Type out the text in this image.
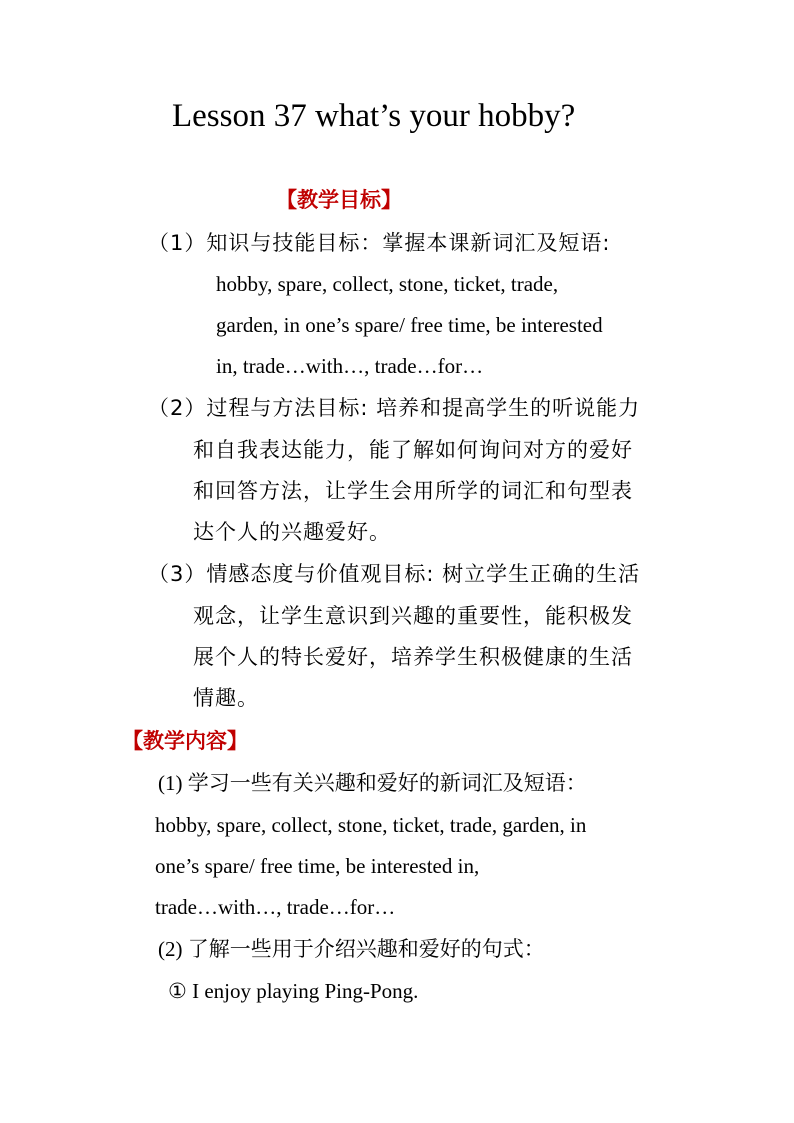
Lesson 37 what’s your hobby?
【教学目标】
（1）知识与技能目标：掌握本课新词汇及短语:
hobby, spare, collect, stone, ticket, trade,
garden, in one’s spare/ free time, be interested
in, trade…with…, trade…for…
（2）过程与方法目标: 培养和提高学生的听说能力
和自我表达能力，能了解如何询问对方的爱好
和回答方法，让学生会用所学的词汇和句型表
达个人的兴趣爱好。
（3）情感态度与价值观目标: 树立学生正确的生活
观念，让学生意识到兴趣的重要性，能积极发
展个人的特长爱好，培养学生积极健康的生活
情趣。
【教学内容】
(1) 学习一些有关兴趣和爱好的新词汇及短语：
hobby, spare, collect, stone, ticket, trade, garden, in
one’s spare/ free time, be interested in,
trade…with…, trade…for…
(2) 了解一些用于介绍兴趣和爱好的句式：
① I enjoy playing Ping-Pong.
